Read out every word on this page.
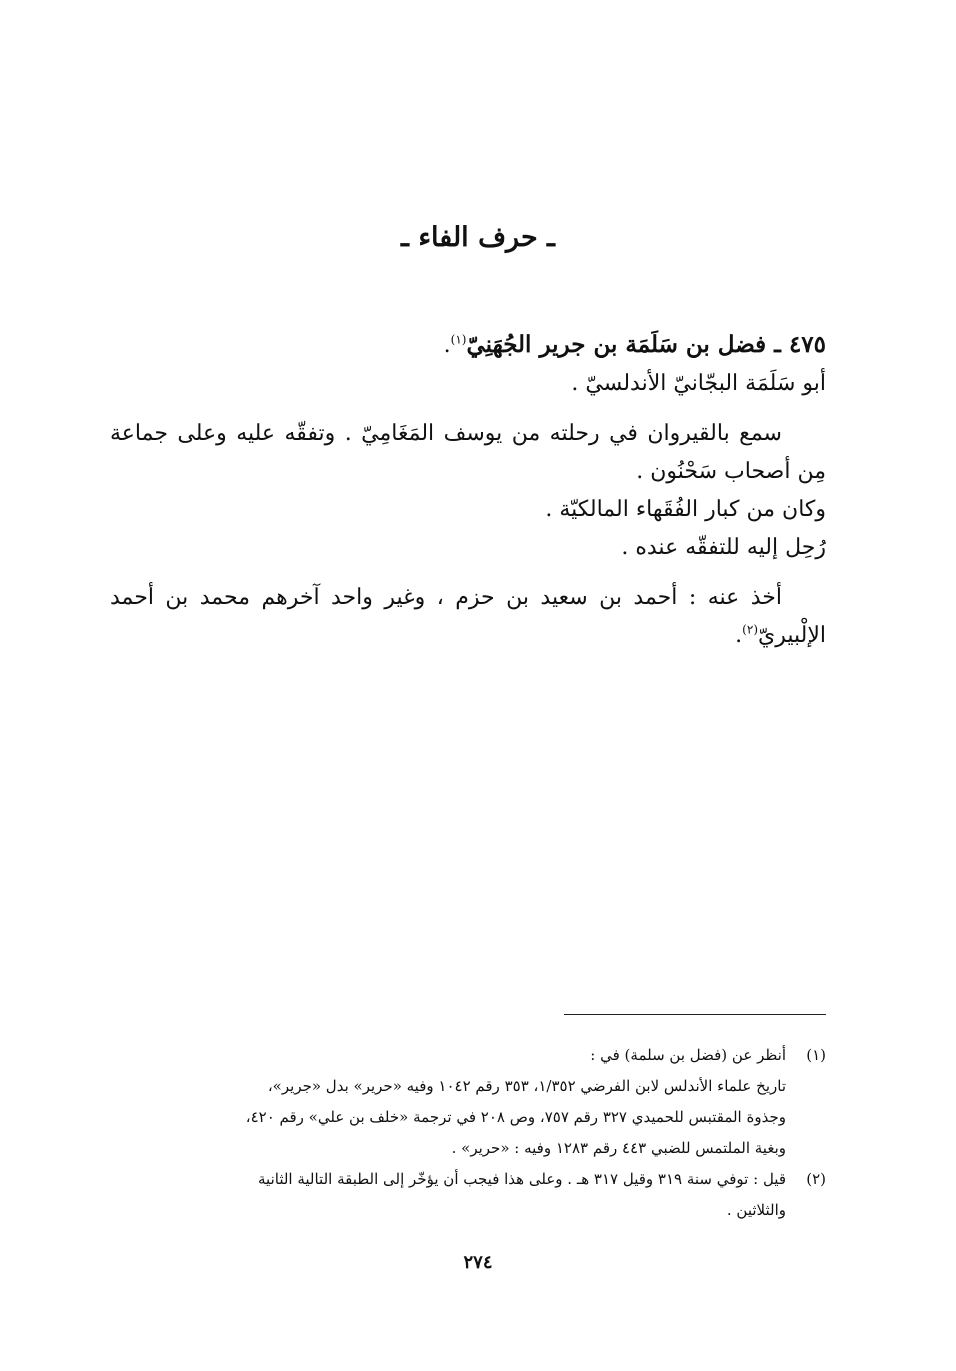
ـ حرف الفاء ـ

٤٧٥ ـ فضل بن سَلَمَة بن جرير الجُهَنِيّ$^{(١)}$.

أبو سَلَمَة البجّانيّ الأندلسيّ .

سمع بالقيروان في رحلته من يوسف المَغَامِيّ . وتفقّه عليه وعلى جماعة مِن أصحاب سَحْنُون .

وكان من كبار الفُقَهاء المالكيّة .

رُحِل إليه للتفقّه عنده .

أخذ عنه : أحمد بن سعيد بن حزم ، وغير واحد آخرهم محمد بن أحمد الإلْبيريّ$^{(٢)}$.

(١)
أنظر عن (فضل بن سلمة) في :
تاريخ علماء الأندلس لابن الفرضي ١/٣٥٢، ٣٥٣ رقم ١٠٤٢ وفيه «حرير» بدل «جرير»،
وجذوة المقتبس للحميدي ٣٢٧ رقم ٧٥٧، وص ٢٠٨ في ترجمة «خلف بن علي» رقم ٤٢٠،
وبغية الملتمس للضبي ٤٤٣ رقم ١٢٨٣ وفيه : «حرير» .
(٢)
قيل : توفي سنة ٣١٩ وقيل ٣١٧ هـ . وعلى هذا فيجب أن يؤخّر إلى الطبقة التالية الثانية
والثلاثين .
٢٧٤
